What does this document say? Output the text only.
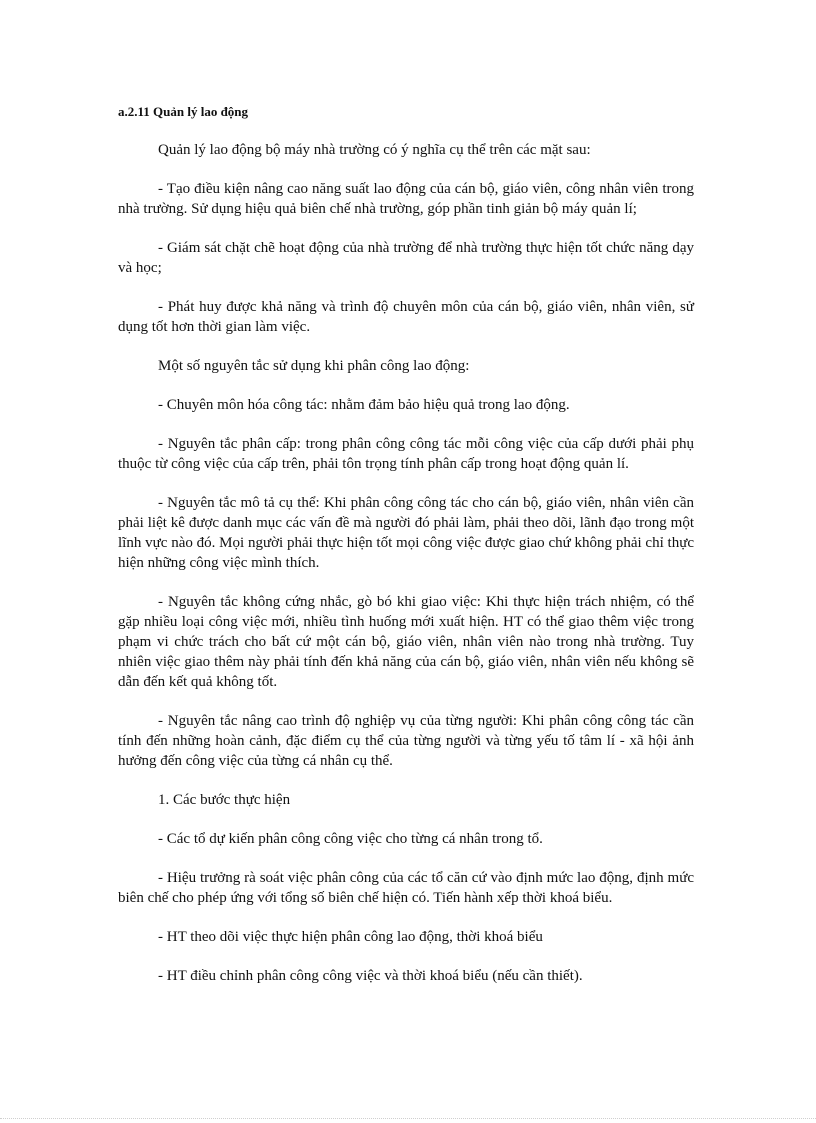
a.2.11 Quản lý lao động

Quản lý lao động bộ máy nhà trường có ý nghĩa cụ thể trên các mặt sau:

- Tạo điều kiện nâng cao năng suất lao động của cán bộ, giáo viên, công nhân viên trong nhà trường. Sử dụng hiệu quả biên chế nhà trường, góp phần tinh giản bộ máy quản lí;

- Giám sát chặt chẽ hoạt động của nhà trường để nhà trường thực hiện tốt chức năng dạy và học;

- Phát huy được khả năng và trình độ chuyên môn của cán bộ, giáo viên, nhân viên, sử dụng tốt hơn thời gian làm việc.

Một số nguyên tắc sử dụng khi phân công lao động:

- Chuyên môn hóa công tác: nhằm đảm bảo hiệu quả trong lao động.

- Nguyên tắc phân cấp: trong phân công công tác mỗi công việc của cấp dưới phải phụ thuộc từ công việc của cấp trên, phải tôn trọng tính phân cấp trong hoạt động quản lí.

- Nguyên tắc mô tả cụ thể: Khi phân công công tác cho cán bộ, giáo viên, nhân viên cần phải liệt kê được danh mục các vấn đề mà người đó phải làm, phải theo dõi, lãnh đạo trong một lĩnh vực nào đó. Mọi người phải thực hiện tốt mọi công việc được giao chứ không phải chỉ thực hiện những công việc mình thích.

- Nguyên tắc không cứng nhắc, gò bó khi giao việc: Khi thực hiện trách nhiệm, có thể gặp nhiều loại công việc mới, nhiều tình huống mới xuất hiện. HT có thể giao thêm việc trong phạm vi chức trách cho bất cứ một cán bộ, giáo viên, nhân viên nào trong nhà trường. Tuy nhiên việc giao thêm này phải tính đến khả năng của cán bộ, giáo viên, nhân viên nếu không sẽ dẫn đến kết quả không tốt.

- Nguyên tắc nâng cao trình độ nghiệp vụ của từng người: Khi phân công công tác cần tính đến những hoàn cảnh, đặc điểm cụ thể của từng người và từng yếu tố tâm lí - xã hội ảnh hưởng đến công việc của từng cá nhân cụ thể.

1. Các bước thực hiện

- Các tổ dự kiến phân công công việc cho từng cá nhân trong tổ.

- Hiệu trưởng rà soát việc phân công của các tổ căn cứ vào định mức lao động, định mức biên chế cho phép ứng với tổng số biên chế hiện có. Tiến hành xếp thời khoá biểu.

- HT theo dõi việc thực hiện phân công lao động, thời khoá biểu

- HT điều chỉnh phân công công việc và thời khoá biểu (nếu cần thiết).
